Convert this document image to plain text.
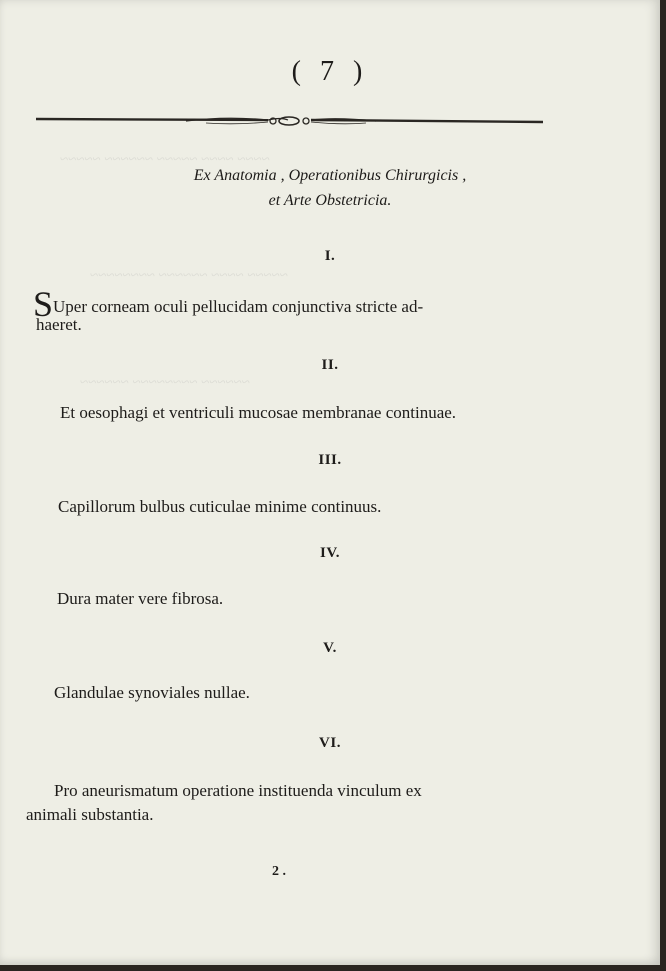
~~~~ ~~~~ ~~~~~ ~~~~~~ ~~~~~
~~~~~ ~~~~ ~~~~~~ ~~~~~~~~
~~~~~~ ~~~~~~~~ ~~~~~~
( 7 )
Ex Anatomia , Operationibus Chirurgicis ,
et Arte Obstetricia.
I.
SUper corneam oculi pellucidam conjunctiva stricte ad-
haeret.
II.
Et oesophagi et ventriculi mucosae membranae continuae.
III.
Capillorum bulbus cuticulae minime continuus.
IV.
Dura mater vere fibrosa.
V.
Glandulae synoviales nullae.
VI.
Pro aneurismatum operatione instituenda vinculum ex
animali substantia.
2 .
